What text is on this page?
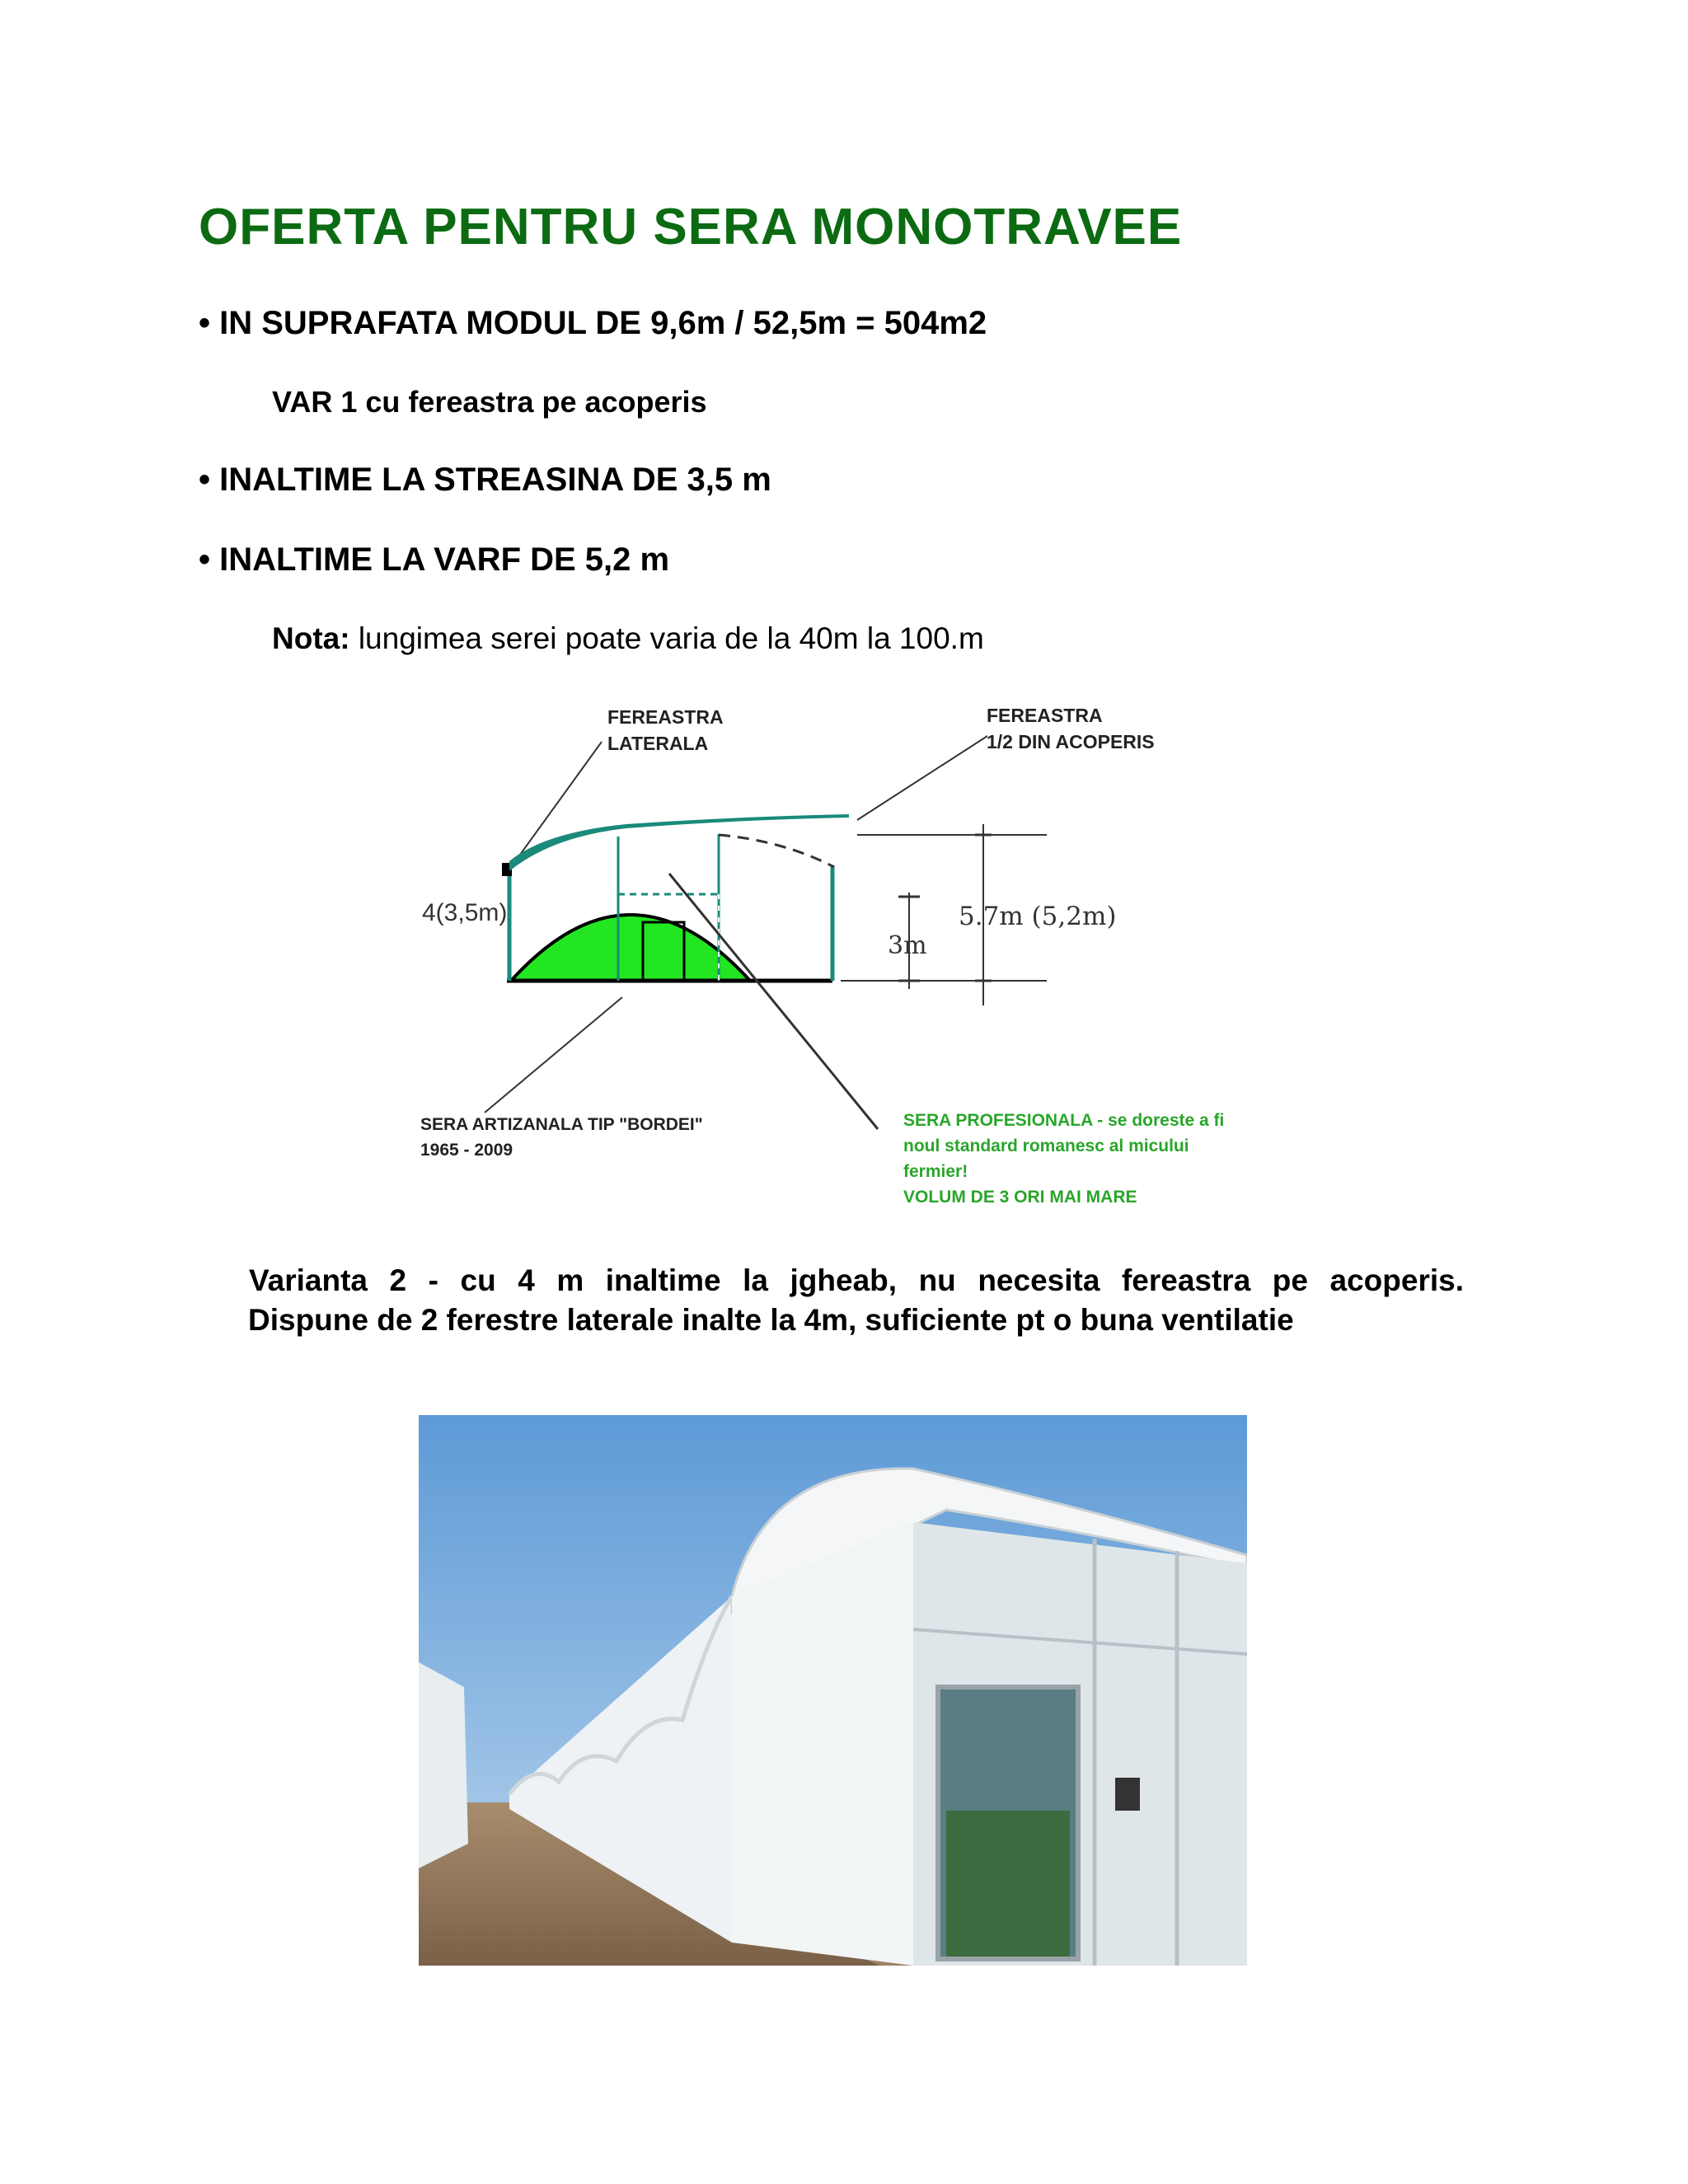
OFERTA PENTRU SERA MONOTRAVEE
• IN SUPRAFATA MODUL DE 9,6m / 52,5m = 504m2
VAR 1 cu fereastra pe acoperis
• INALTIME LA STREASINA DE 3,5 m
• INALTIME LA VARF DE 5,2 m
Nota: lungimea serei poate varia de la 40m la 100.m
FEREASTRA
LATERALA
FEREASTRA
1/2 DIN ACOPERIS
4(3,5m)	5.7m (5,2m)
3m
SERA ARTIZANALA TIP "BORDEI"
1965 - 2009
SERA PROFESIONALA - se doreste a fi
noul standard romanesc al micului
fermier!
VOLUM DE 3 ORI MAI MARE
Varianta 2 - cu 4 m inaltime la jgheab, nu necesita fereastra pe acoperis.
Dispune de 2 ferestre laterale inalte la 4m, suficiente pt o buna ventilatie
